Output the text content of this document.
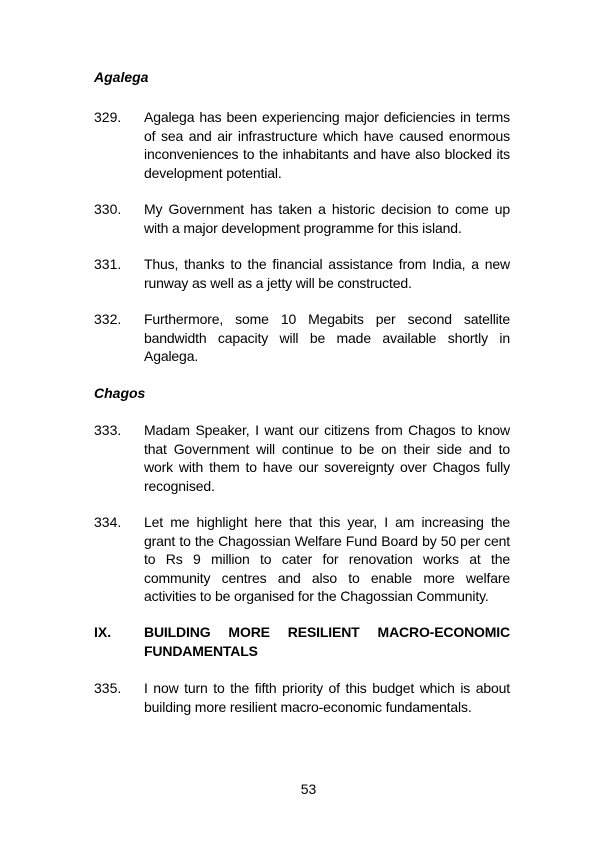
Agalega

329. Agalega has been experiencing major deficiencies in terms of sea and air infrastructure which have caused enormous inconveniences to the inhabitants and have also blocked its development potential.
330. My Government has taken a historic decision to come up with a major development programme for this island.
331. Thus, thanks to the financial assistance from India, a new runway as well as a jetty will be constructed.
332. Furthermore, some 10 Megabits per second satellite bandwidth capacity will be made available shortly in Agalega.

Chagos

333. Madam Speaker, I want our citizens from Chagos to know that Government will continue to be on their side and to work with them to have our sovereignty over Chagos fully recognised.
334. Let me highlight here that this year, I am increasing the grant to the Chagossian Welfare Fund Board by 50 per cent to Rs 9 million to cater for renovation works at the community centres and also to enable more welfare activities to be organised for the Chagossian Community.
IX. BUILDING MORE RESILIENT MACRO-ECONOMIC FUNDAMENTALS
335. I now turn to the fifth priority of this budget which is about building more resilient macro-economic fundamentals.
53
